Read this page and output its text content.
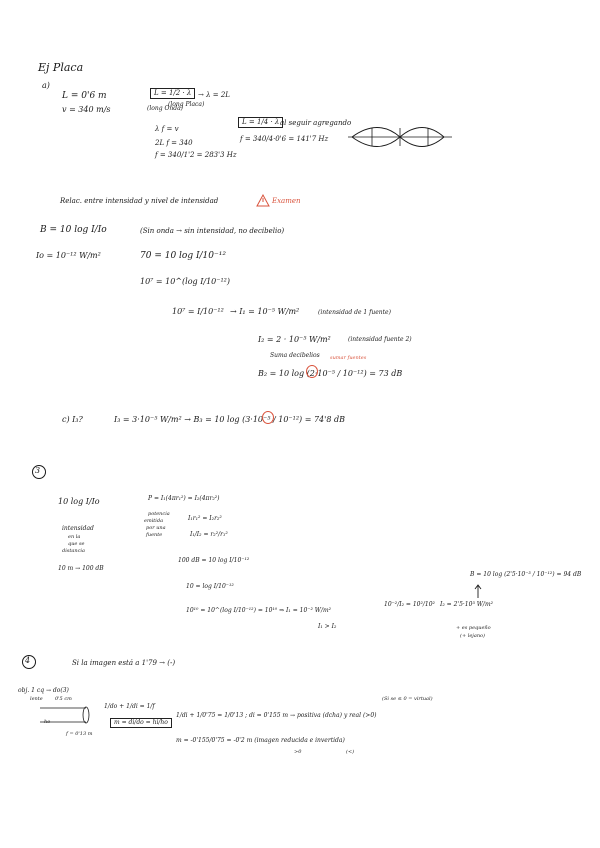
Ej Placa
a)
L = 0'6 m
v = 340 m/s
L = 1/2 · λ → λ = 2L
(long Onda)
(long Placa)
λ f = v
2L f = 340
f = 340/1'2 = 283'3 Hz
L = 1/4 · λ al seguir agregando
f = 340/4·0'6 = 141'7 Hz
Relac. entre intensidad y nivel de intensidad	Examen
B = 10 log I/Io	(Sin onda → sin intensidad, no decibelio)
Io = 10⁻¹² W/m²	70 = 10 log I/10⁻¹²
10⁷ = 10^(log I/10⁻¹²)
10⁷ = I/10⁻¹² → I₁ = 10⁻⁵ W/m²	(intensidad de 1 fuente)
I₂ = 2 · 10⁻⁵ W/m²	(intensidad fuente 2)
Suma decibelios sumar fuentes
B₂ = 10 log (2·10⁻⁵ / 10⁻¹²) = 73 dB
c) I₃?	I₃ = 3·10⁻⁵ W/m² → B₃ = 10 log (3·10⁻⁵ / 10⁻¹²) = 74'8 dB
3
10 log I/Io
intensidad
en la
que se
distancia
P = I₁(4πr₁²) = I₂(4πr₂²)
potencia
emitida
por una
fuente
I₁r₁² = I₂r₂²
I₁/I₂ = r₂²/r₁²
10 m → 100 dB
100 dB = 10 log I/10⁻¹²
10 = log I/10⁻¹²
10¹⁰ = 10^(log I/10⁻¹²) = 10¹⁰ ⇒ I₁ = 10⁻² W/m²
I₁ > I₂
10⁻²/I₂ = 10²/10² I₂ = 2'5·10³ W/m²
+ es pequeño
(+ lejano)
B = 10 log (2'5·10⁻³ / 10⁻¹²) = 94 dB
4	Si la imagen está a 1'79 → (-)
obj. 1 cq → do(3)
lente 0'5 cm
ho
f = 0'13 m
1/do + 1/di = 1/f
m = di/do = hi/ho
(Si se ≤ 0 = virtual)
1/di + 1/0'75 = 1/0'13 ; di = 0'155 m → positiva (dcha) y real (>0)
m = -0'155/0'75 = -0'2 m (imagen reducida e invertida)
>0	(<)
